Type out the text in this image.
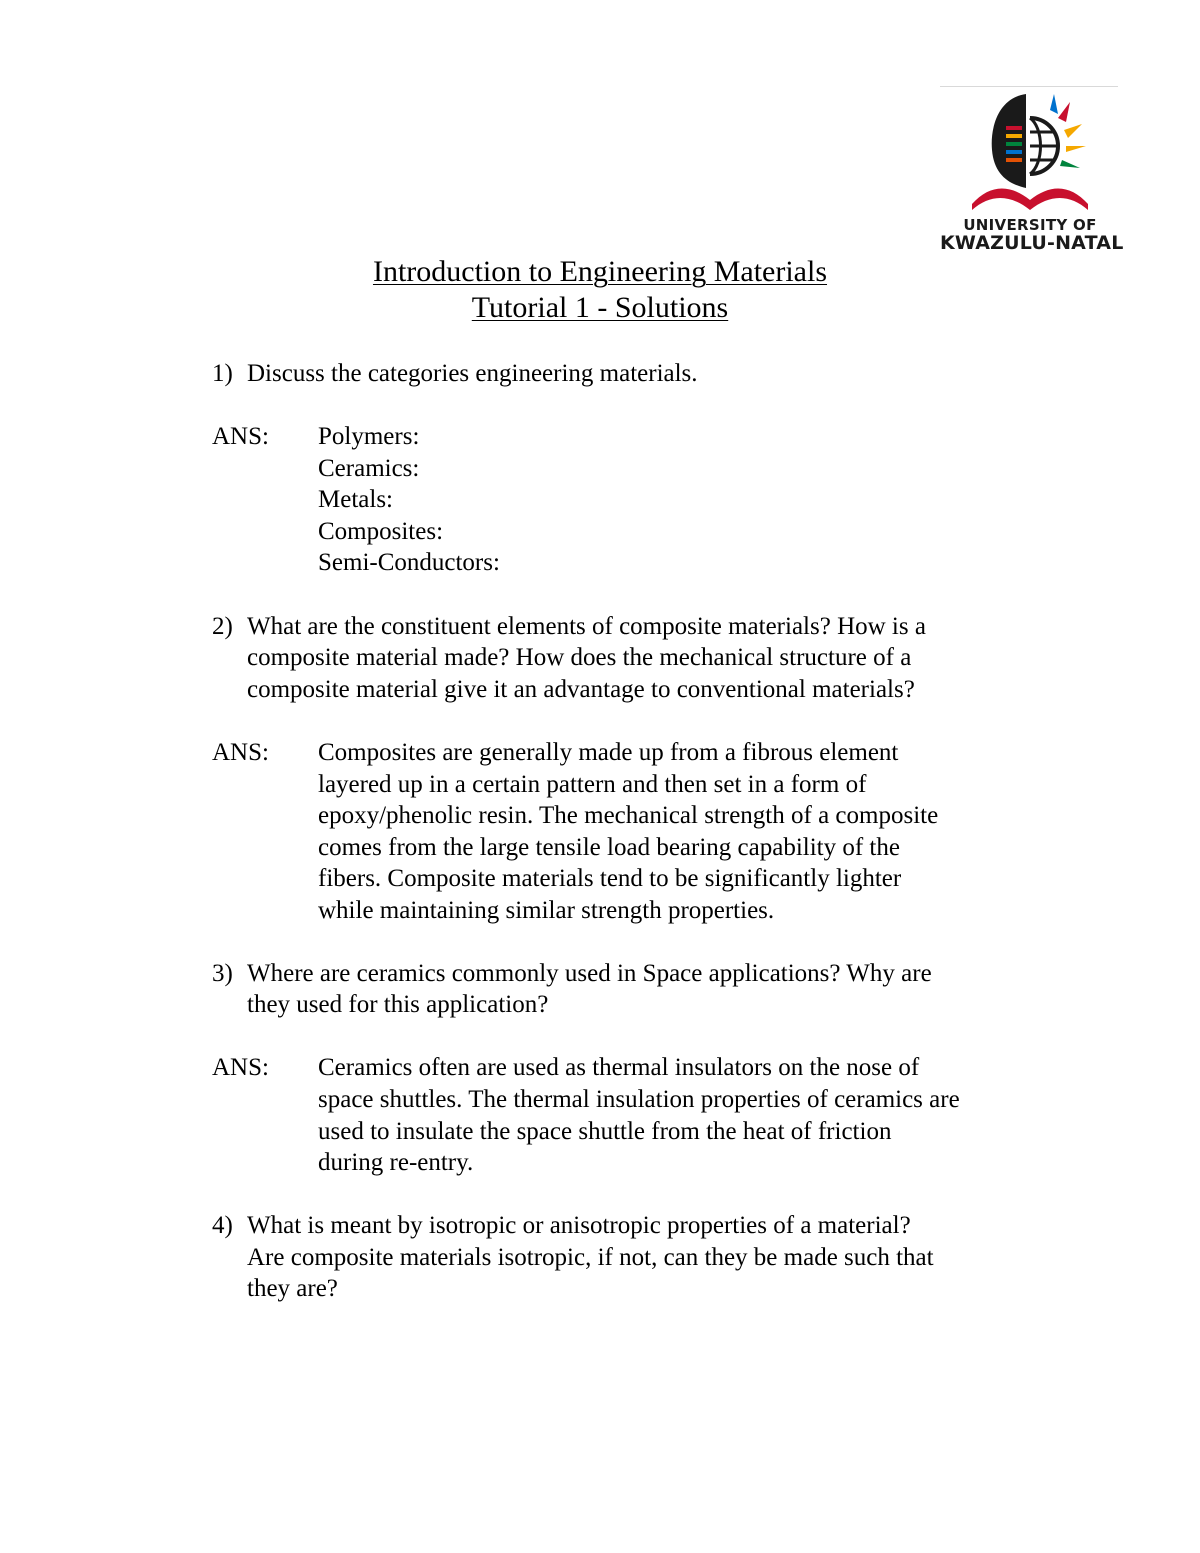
UNIVERSITY OF
KWAZULU-NATAL
Introduction to Engineering Materials
Tutorial 1 - Solutions
1) Discuss the categories engineering materials.
ANS: Polymers:
Ceramics:
Metals:
Composites:
Semi-Conductors:
2) What are the constituent elements of composite materials? How is a
composite material made? How does the mechanical structure of a
composite material give it an advantage to conventional materials?
ANS: Composites are generally made up from a fibrous element
layered up in a certain pattern and then set in a form of
epoxy/phenolic resin. The mechanical strength of a composite
comes from the large tensile load bearing capability of the
fibers. Composite materials tend to be significantly lighter
while maintaining similar strength properties.
3) Where are ceramics commonly used in Space applications? Why are
they used for this application?
ANS: Ceramics often are used as thermal insulators on the nose of
space shuttles. The thermal insulation properties of ceramics are
used to insulate the space shuttle from the heat of friction
during re-entry.
4) What is meant by isotropic or anisotropic properties of a material?
Are composite materials isotropic, if not, can they be made such that
they are?
